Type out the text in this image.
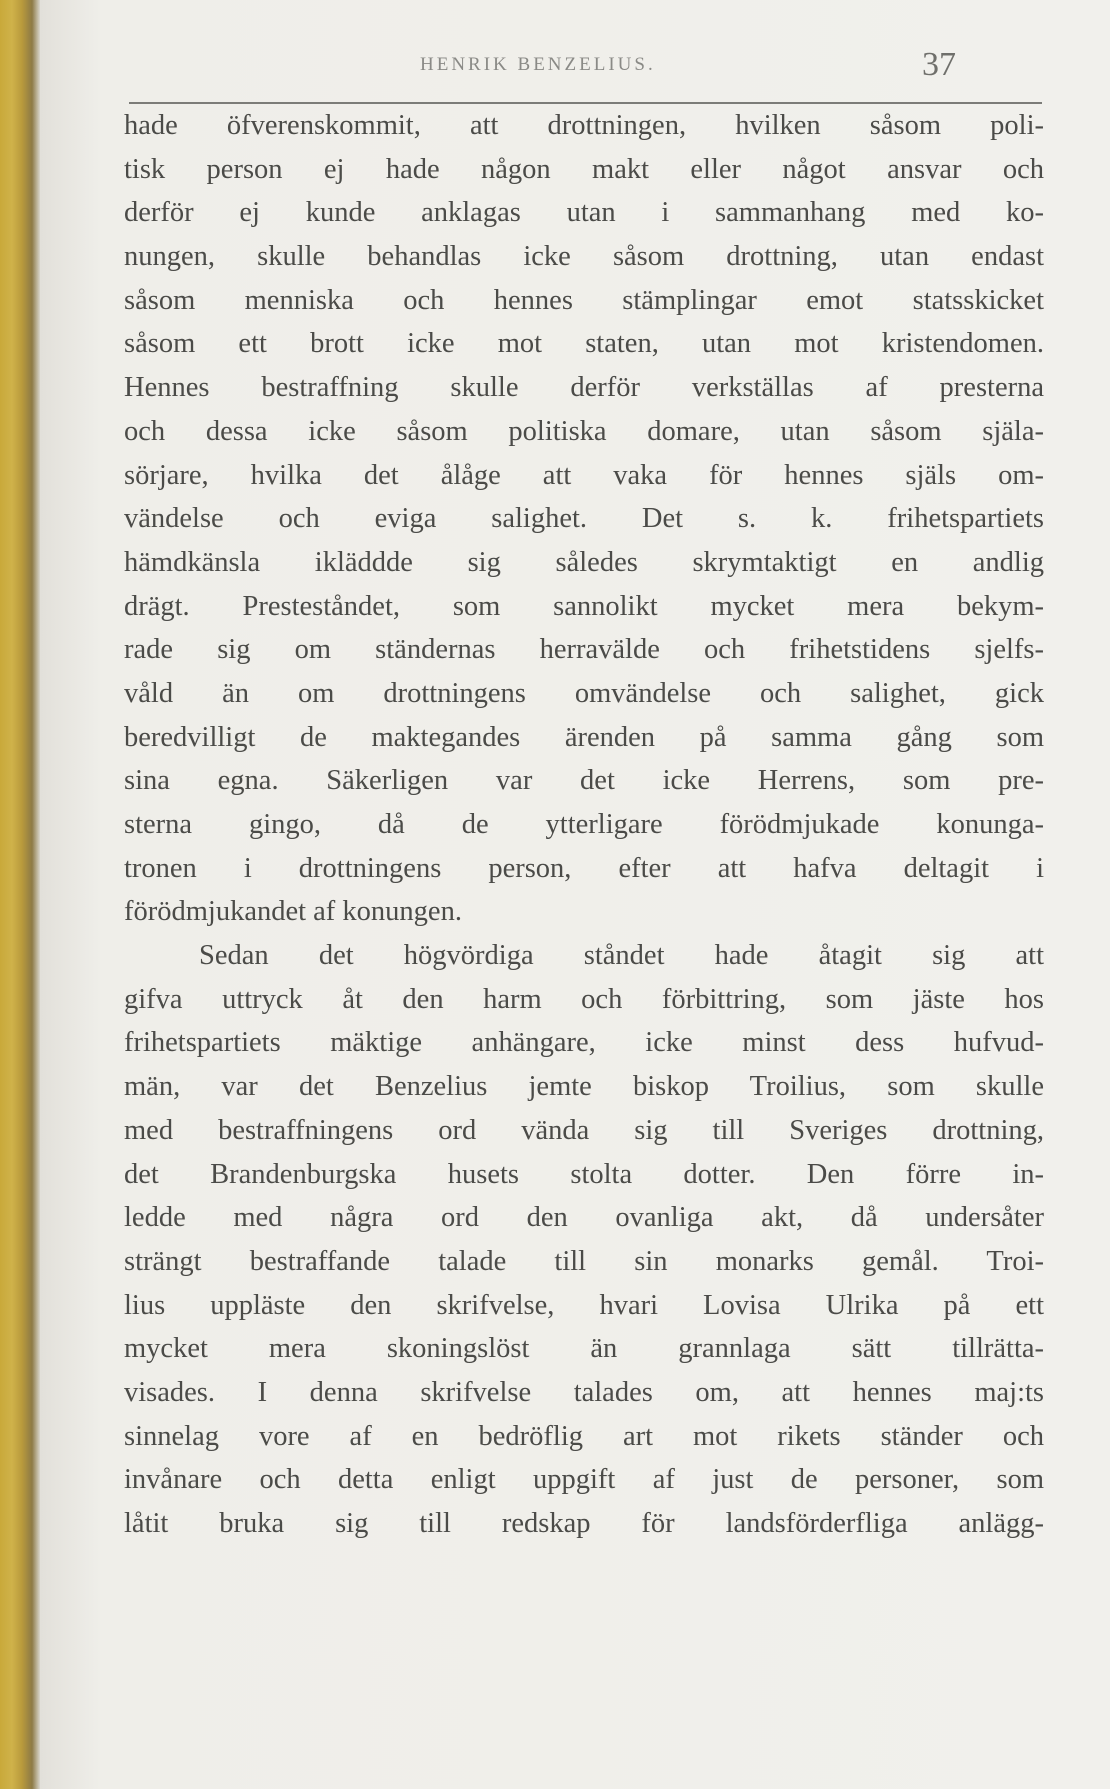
HENRIK BENZELIUS.	37
hade öfverenskommit, att drottningen, hvilken såsom poli-
tisk person ej hade någon makt eller något ansvar och
derför ej kunde anklagas utan i sammanhang med ko-
nungen, skulle behandlas icke såsom drottning, utan endast
såsom menniska och hennes stämplingar emot statsskicket
såsom ett brott icke mot staten, utan mot kristendomen.
Hennes bestraffning skulle derför verkställas af presterna
och dessa icke såsom politiska domare, utan såsom själa-
sörjare, hvilka det ålåge att vaka för hennes själs om-
vändelse och eviga salighet. Det s. k. frihetspartiets
hämdkänsla ikläddde sig således skrymtaktigt en andlig
drägt. Presteståndet, som sannolikt mycket mera bekym-
rade sig om ständernas herravälde och frihetstidens sjelfs-
våld än om drottningens omvändelse och salighet, gick
beredvilligt de maktegandes ärenden på samma gång som
sina egna. Säkerligen var det icke Herrens, som pre-
sterna gingo, då de ytterligare förödmjukade konunga-
tronen i drottningens person, efter att hafva deltagit i
förödmjukandet af konungen.
Sedan det högvördiga ståndet hade åtagit sig att
gifva uttryck åt den harm och förbittring, som jäste hos
frihetspartiets mäktige anhängare, icke minst dess hufvud-
män, var det Benzelius jemte biskop Troilius, som skulle
med bestraffningens ord vända sig till Sveriges drottning,
det Brandenburgska husets stolta dotter. Den förre in-
ledde med några ord den ovanliga akt, då undersåter
strängt bestraffande talade till sin monarks gemål. Troi-
lius uppläste den skrifvelse, hvari Lovisa Ulrika på ett
mycket mera skoningslöst än grannlaga sätt tillrätta-
visades. I denna skrifvelse talades om, att hennes maj:ts
sinnelag vore af en bedröflig art mot rikets ständer och
invånare och detta enligt uppgift af just de personer, som
låtit bruka sig till redskap för landsförderfliga anlägg-
